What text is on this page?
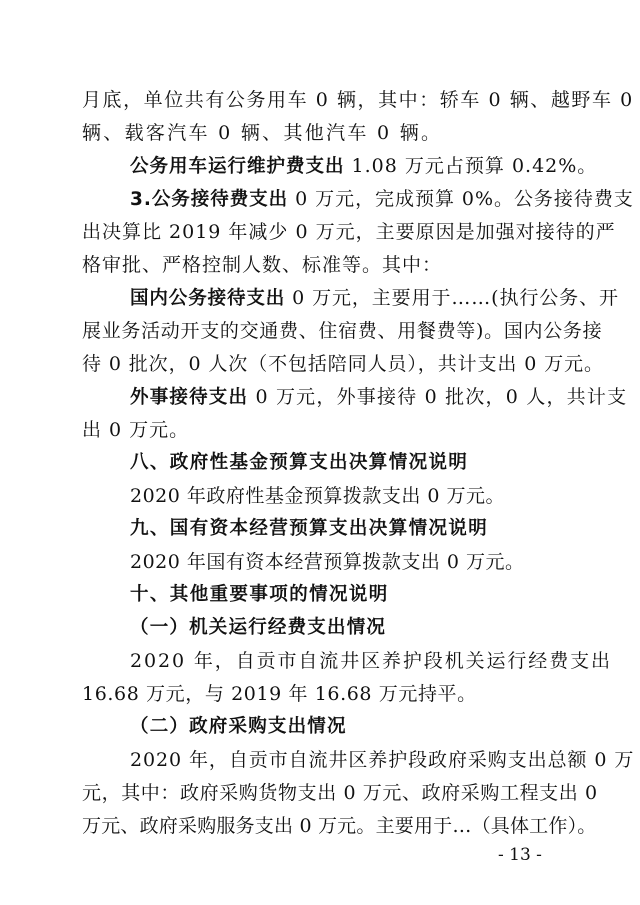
月底，单位共有公务用车 0 辆，其中：轿车 0 辆、越野车 0
辆、载客汽车 0 辆、其他汽车 0 辆。
公务用车运行维护费支出 1.08 万元占预算 0.42%。
3.公务接待费支出 0 万元，完成预算 0%。公务接待费支
出决算比 2019 年减少 0 万元，主要原因是加强对接待的严
格审批、严格控制人数、标准等。其中：
国内公务接待支出 0 万元，主要用于……(执行公务、开
展业务活动开支的交通费、住宿费、用餐费等)。国内公务接
待 0 批次，0 人次（不包括陪同人员），共计支出 0 万元。
外事接待支出 0 万元，外事接待 0 批次，0 人，共计支
出 0 万元。
八、政府性基金预算支出决算情况说明
2020 年政府性基金预算拨款支出 0 万元。
九、国有资本经营预算支出决算情况说明
2020 年国有资本经营预算拨款支出 0 万元。
十、其他重要事项的情况说明
（一）机关运行经费支出情况
2020 年，自贡市自流井区养护段机关运行经费支出
16.68 万元，与 2019 年 16.68 万元持平。
（二）政府采购支出情况
2020 年，自贡市自流井区养护段政府采购支出总额 0 万
元，其中：政府采购货物支出 0 万元、政府采购工程支出 0
万元、政府采购服务支出 0 万元。主要用于…（具体工作）。
- 13 -
